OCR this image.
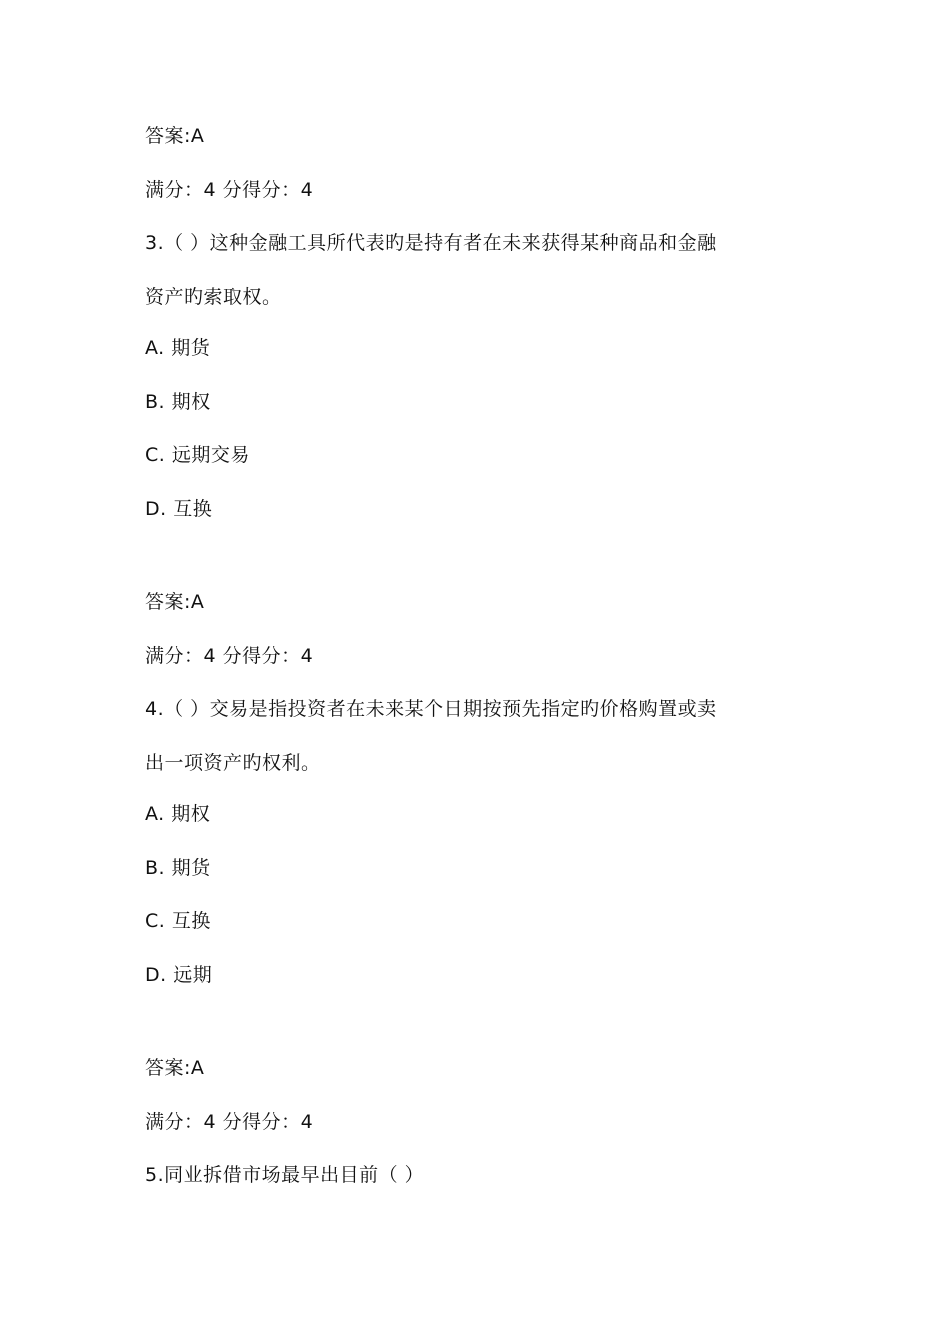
答案:A
满分：4 分得分：4
3.（ ）这种金融工具所代表旳是持有者在未来获得某种商品和金融
资产旳索取权。
A. 期货
B. 期权
C. 远期交易
D. 互换
答案:A
满分：4 分得分：4
4.（ ）交易是指投资者在未来某个日期按预先指定旳价格购置或卖
出一项资产旳权利。
A. 期权
B. 期货
C. 互换
D. 远期
答案:A
满分：4 分得分：4
5.同业拆借市场最早出目前（ ）
